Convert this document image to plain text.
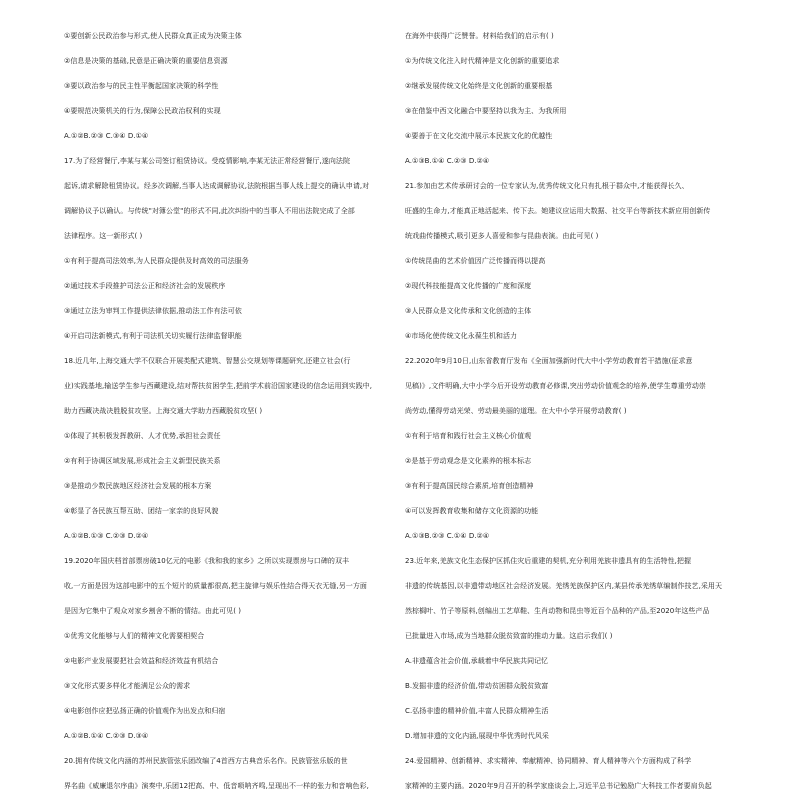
①要创新公民政治参与形式,使人民群众真正成为决策主体
②信息是决策的基础,民意是正确决策的重要信息资源
③要以政治参与的民主性平衡起国家决策的科学性
④要规范决策机关的行为,保障公民政治权利的实现
A.①②B.②③ C.③④ D.①④
17.为了经营餐厅,李某与某公司签订租赁协议。受疫情影响,李某无法正常经营餐厅,遂向法院
起诉,请求解除租赁协议。经多次调解,当事人达成调解协议,法院根据当事人线上提交的确认申请,对
调解协议予以确认。与传统"对簿公堂"的形式不同,此次纠纷中的当事人不用出法院完成了全部
法律程序。这一新形式( )
①有利于提高司法效率,为人民群众提供及时高效的司法服务
②通过技术手段推护司法公正和经济社会的发展秩序
③通过立法为审判工作提供法律依据,推动法工作有法可依
④开启司法新模式,有利于司法机关切实履行法律监督职能
18.近几年,上海交通大学不仅联合开展类配式建筑、智慧公交规划等课题研究,还建立社会(行
业)实践基地,输送学生参与西藏建设,结对帮扶贫困学生,把前学术前沿国家建设的信念运用到实践中,
助力西藏决战决胜脱贫攻坚。上海交通大学助力西藏脱贫攻坚( )
①体现了其积极发挥教研、人才优势,承担社会责任
②有利于协调区域发展,形成社会主义新型民族关系
③是推动少数民族地区经济社会发展的根本方案
④彰显了各民族互帮互助、团结一家亲的良好风貌
A.①②B.①③ C.②③ D.②④
19.2020年国庆档首部票房破10亿元的电影《我和我的家乡》之所以实现票房与口碑的双丰
收,一方面是因为这部电影中的五个短片的质量都很高,把主旋律与娱乐性结合得天衣无缝,另一方面
是因为它集中了观众对家乡割舍不断的情结。由此可见( )
①优秀文化能够与人们的精神文化需要相契合
②电影产业发展要把社会效益和经济效益有机结合
③文化形式要多样化才能满足公众的需求
④电影创作应把弘扬正确的价值观作为出发点和归宿
A.①②B.①④ C.②③ D.③④
20.拥有传统文化内涵的苏州民族管弦乐团改编了4首西方古典音乐名作。民族管弦乐版的世
界名曲《威廉退尔序曲》演奏中,乐团12把高、中、低音唢呐齐鸣,呈现出不一样的张力和音响色彩,
在海外中获得广泛赞誉。材料给我们的启示有( )
①为传统文化注入时代精神是文化创新的重要追求
②继承发展传统文化始终是文化创新的重要根基
③在借鉴中西文化融合中要坚持以我为主、为我所用
④要善于在文化交流中展示本民族文化的优越性
A.①③B.①④ C.②③ D.②④
21.参加由艺术传承研讨会的一位专家认为,优秀传统文化只有扎根于群众中,才能获得长久、
旺盛的生命力,才能真正地活起来、传下去。她建议应运用大数据、社交平台等新技术新应用创新传
统戏曲传播模式,吸引更多人喜爱和参与昆曲表演。由此可见( )
①传统昆曲的艺术价值因广泛传播而得以提高
②现代科技能提高文化传播的广度和深度
③人民群众是文化传承和文化创造的主体
④市场化使传统文化永葆生机和活力
22.2020年9月10日,山东省教育厅发布《全面加强新时代大中小学劳动教育若干措施(征求意
见稿)》,文件明确,大中小学今后开设劳动教育必修课,突出劳动价值观念的培养,使学生尊重劳动崇
尚劳动,懂得劳动光荣、劳动最美丽的道理。在大中小学开展劳动教育( )
①有利于培育和践行社会主义核心价值观
②是基于劳动观念是文化素养的根本标志
③有利于提高国民综合素质,培育创造精神
④可以发挥教育收集和储存文化资源的功能
A.①③B.②③ C.①④ D.②④
23.近年来,羌族文化生态保护区抓住灾后重建的契机,充分利用羌族非遗具有的生活特性,把握
非遗的传统基因,以非遗带动地区社会经济发展。羌绣羌族保护区内,某县传承羌绣草编制作技艺,采用天
然棕榈叶、竹子等原料,创编出工艺草鞋、生肖动物和昆虫等近百个品种的产品,至2020年这些产品
已批量进入市场,成为当地群众脱贫致富的推动力量。这启示我们( )
A.非遗蕴含社会价值,承载着中华民族共同记忆
B.发掘非遗的经济价值,带动贫困群众脱贫致富
C.弘扬非遗的精神价值,丰富人民群众精神生活
D.增加非遗的文化内涵,展现中华优秀时代风采
24.爱国精神、创新精神、求实精神、奉献精神、协同精神、育人精神等六个方面构成了科学
家精神的主要内涵。2020年9月召开的科学家座谈会上,习近平总书记勉励广大科技工作者要肩负起
